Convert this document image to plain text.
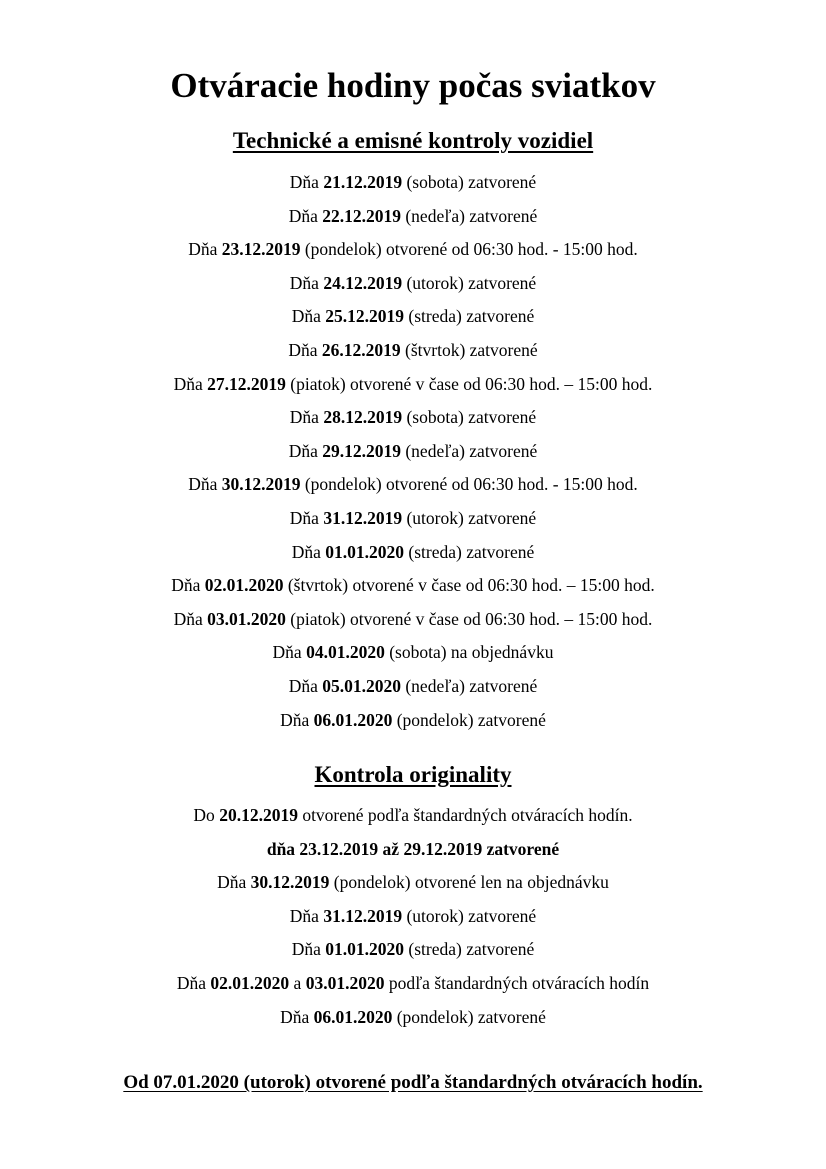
Otváracie hodiny počas sviatkov
Technické a emisné kontroly vozidiel
Dňa 21.12.2019 (sobota) zatvorené
Dňa 22.12.2019 (nedeľa) zatvorené
Dňa 23.12.2019 (pondelok) otvorené od 06:30 hod. - 15:00 hod.
Dňa 24.12.2019 (utorok) zatvorené
Dňa 25.12.2019 (streda) zatvorené
Dňa 26.12.2019 (štvrtok) zatvorené
Dňa 27.12.2019 (piatok) otvorené v čase od 06:30 hod. – 15:00 hod.
Dňa 28.12.2019 (sobota) zatvorené
Dňa 29.12.2019 (nedeľa) zatvorené
Dňa 30.12.2019 (pondelok) otvorené od 06:30 hod. - 15:00 hod.
Dňa 31.12.2019 (utorok) zatvorené
Dňa 01.01.2020 (streda) zatvorené
Dňa 02.01.2020 (štvrtok) otvorené v čase od 06:30 hod. – 15:00 hod.
Dňa 03.01.2020 (piatok) otvorené v čase od 06:30 hod. – 15:00 hod.
Dňa 04.01.2020 (sobota) na objednávku
Dňa 05.01.2020 (nedeľa) zatvorené
Dňa 06.01.2020 (pondelok) zatvorené
Kontrola originality
Do 20.12.2019 otvorené podľa štandardných otváracích hodín.
dňa 23.12.2019 až 29.12.2019 zatvorené
Dňa 30.12.2019 (pondelok) otvorené len na objednávku
Dňa 31.12.2019 (utorok) zatvorené
Dňa 01.01.2020 (streda) zatvorené
Dňa 02.01.2020 a 03.01.2020 podľa štandardných otváracích hodín
Dňa 06.01.2020 (pondelok) zatvorené
Od 07.01.2020 (utorok) otvorené podľa štandardných otváracích hodín.
